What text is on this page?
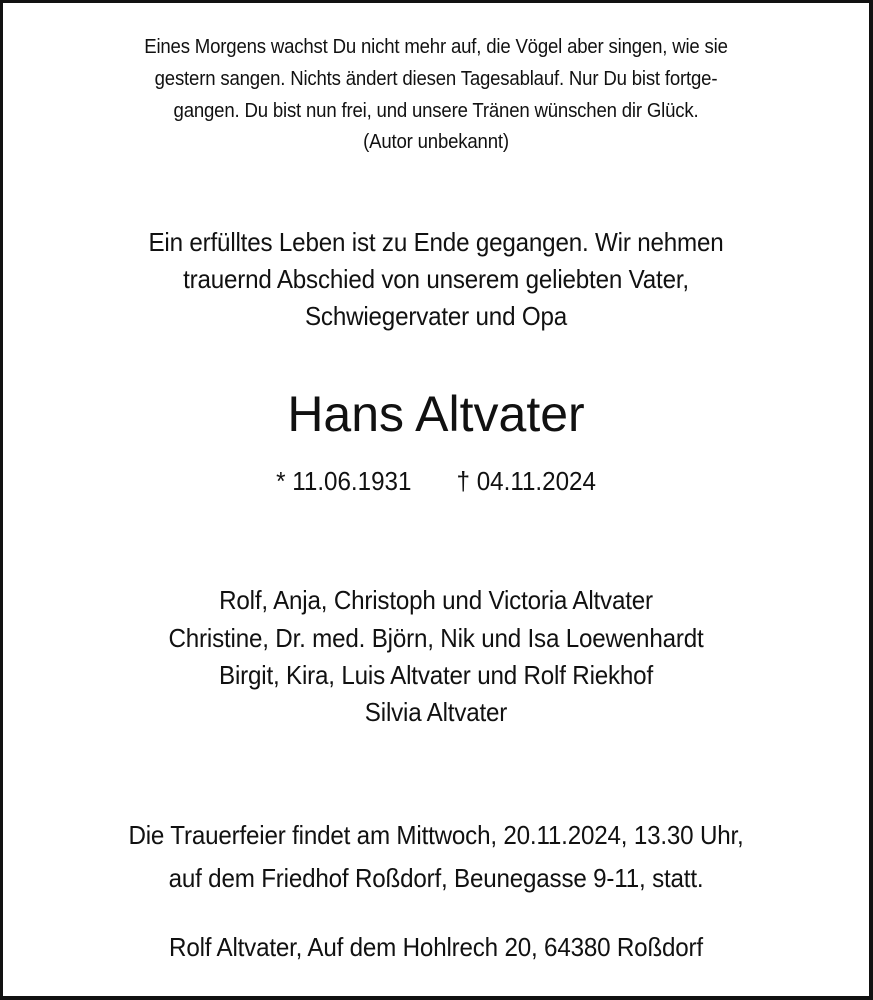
Eines Morgens wachst Du nicht mehr auf, die Vögel aber singen, wie sie
gestern sangen. Nichts ändert diesen Tagesablauf. Nur Du bist fortge-
gangen. Du bist nun frei, und unsere Tränen wünschen dir Glück.
(Autor unbekannt)
Ein erfülltes Leben ist zu Ende gegangen. Wir nehmen
trauernd Abschied von unserem geliebten Vater,
Schwiegervater und Opa
Hans Altvater
* 11.06.1931 † 04.11.2024
Rolf, Anja, Christoph und Victoria Altvater
Christine, Dr. med. Björn, Nik und Isa Loewenhardt
Birgit, Kira, Luis Altvater und Rolf Riekhof
Silvia Altvater
Die Trauerfeier findet am Mittwoch, 20.11.2024, 13.30 Uhr,
auf dem Friedhof Roßdorf, Beunegasse 9-11, statt.
Rolf Altvater, Auf dem Hohlrech 20, 64380 Roßdorf
